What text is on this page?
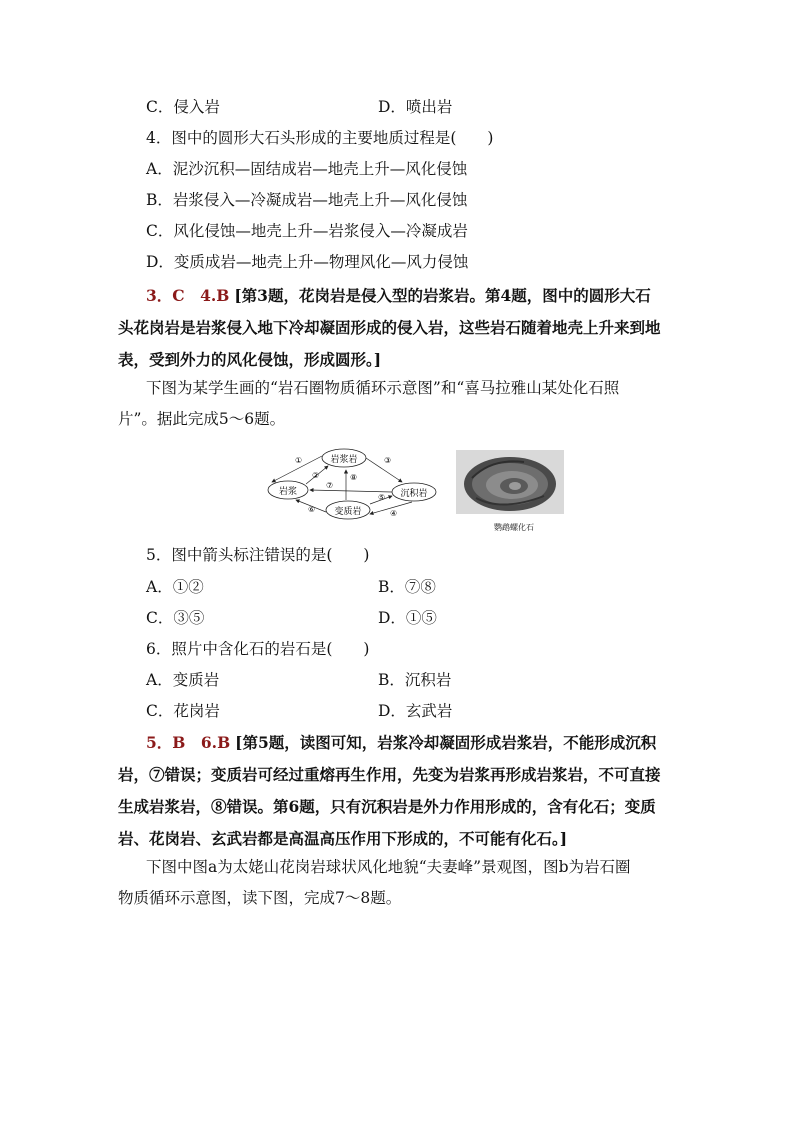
C．侵入岩	D．喷出岩
4．图中的圆形大石头形成的主要地质过程是(　　)
A．泥沙沉积—固结成岩—地壳上升—风化侵蚀
B．岩浆侵入—冷凝成岩—地壳上升—风化侵蚀
C．风化侵蚀—地壳上升—岩浆侵入—冷凝成岩
D．变质成岩—地壳上升—物理风化—风力侵蚀
3．C　4.B [第3题，花岗岩是侵入型的岩浆岩。第4题，图中的圆形大石
头花岗岩是岩浆侵入地下冷却凝固形成的侵入岩，这些岩石随着地壳上升来到地
表，受到外力的风化侵蚀，形成圆形。]
下图为某学生画的“岩石圈物质循环示意图”和“喜马拉雅山某处化石照
片”。据此完成5～6题。
岩浆岩
岩浆	沉积岩
变质岩
①
②
③
④
⑤
⑥
⑦
⑧
鹦鹉螺化石
5．图中箭头标注错误的是(　　)
A．①②	B．⑦⑧
C．③⑤	D．①⑤
6．照片中含化石的岩石是(　　)
A．变质岩	B．沉积岩
C．花岗岩	D．玄武岩
5．B　6.B [第5题，读图可知，岩浆冷却凝固形成岩浆岩，不能形成沉积
岩，⑦错误；变质岩可经过重熔再生作用，先变为岩浆再形成岩浆岩，不可直接
生成岩浆岩，⑧错误。第6题，只有沉积岩是外力作用形成的，含有化石；变质
岩、花岗岩、玄武岩都是高温高压作用下形成的，不可能有化石。]
下图中图a为太姥山花岗岩球状风化地貌“夫妻峰”景观图，图b为岩石圈
物质循环示意图，读下图，完成7～8题。
